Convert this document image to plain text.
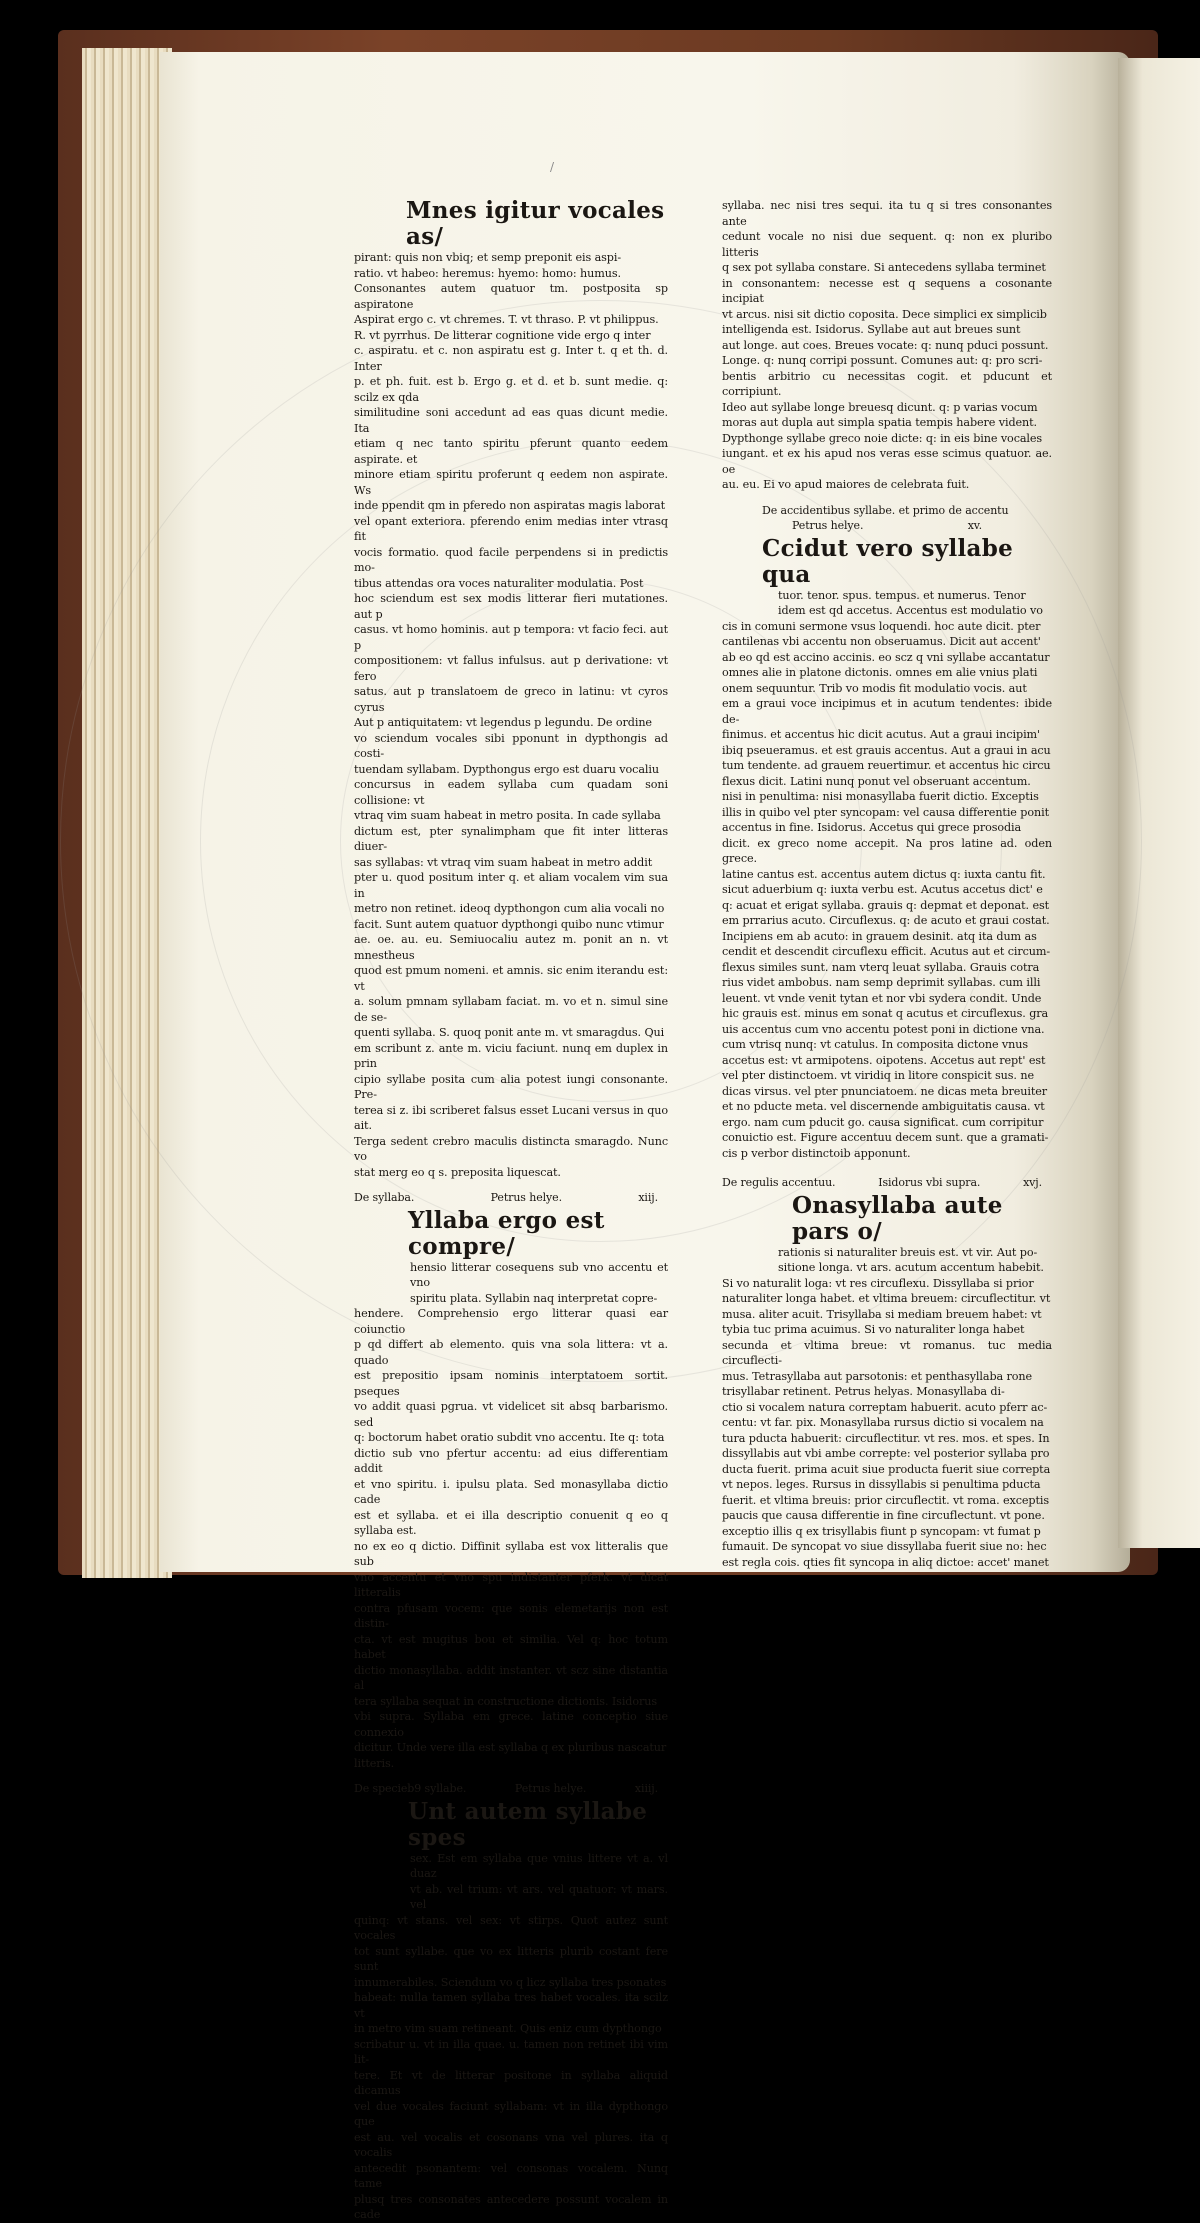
/
Mnes igitur vocales as/

pirant: quis non vbiq; et semp preponit eis aspi-

ratio. vt habeo: heremus: hyemo: homo: humus.

Consonantes autem quatuor tm. postposita sp aspiratone

Aspirat ergo c. vt chremes. T. vt thraso. P. vt philippus.

R. vt pyrrhus. De litterar cognitione vide ergo q inter

c. aspiratu. et c. non aspiratu est g. Inter t. q et th. d. Inter

p. et ph. fuit. est b. Ergo g. et d. et b. sunt medie. q: scilz ex qda

similitudine soni accedunt ad eas quas dicunt medie. Ita

etiam q nec tanto spiritu pferunt quanto eedem aspirate. et

minore etiam spiritu proferunt q eedem non aspirate. Ws

inde ppendit qm in pferedo non aspiratas magis laborat

vel opant exteriora. pferendo enim medias inter vtrasq fit

vocis formatio. quod facile perpendens si in predictis mo-

tibus attendas ora voces naturaliter modulatia. Post

hoc sciendum est sex modis litterar fieri mutationes. aut p

casus. vt homo hominis. aut p tempora: vt facio feci. aut p

compositionem: vt fallus infulsus. aut p derivatione: vt fero

satus. aut p translatoem de greco in latinu: vt cyros cyrus

Aut p antiquitatem: vt legendus p legundu. De ordine

vo sciendum vocales sibi pponunt in dypthongis ad costi-

tuendam syllabam. Dypthongus ergo est duaru vocaliu

concursus in eadem syllaba cum quadam soni collisione: vt

vtraq vim suam habeat in metro posita. In cade syllaba

dictum est, pter synalimpham que fit inter litteras diuer-

sas syllabas: vt vtraq vim suam habeat in metro addit

pter u. quod positum inter q. et aliam vocalem vim sua in

metro non retinet. ideoq dypthongon cum alia vocali no

facit. Sunt autem quatuor dypthongi quibo nunc vtimur

ae. oe. au. eu. Semiuocaliu autez m. ponit an n. vt mnestheus

quod est pmum nomeni. et amnis. sic enim iterandu est: vt

a. solum pmnam syllabam faciat. m. vo et n. simul sine de se-

quenti syllaba. S. quoq ponit ante m. vt smaragdus. Qui

em scribunt z. ante m. viciu faciunt. nunq em duplex in prin

cipio syllabe posita cum alia potest iungi consonante. Pre-

terea si z. ibi scriberet falsus esset Lucani versus in quo ait.

Terga sedent crebro maculis distincta smaragdo. Nunc vo

stat merg eo q s. preposita liquescat.

De syllaba.	Petrus helye.	xiij.
Yllaba ergo est compre/

hensio litterar cosequens sub vno accentu et vno

spiritu plata. Syllabin naq interpretat copre-

hendere. Comprehensio ergo litterar quasi ear coiunctio

p qd differt ab elemento. quis vna sola littera: vt a. quado

est prepositio ipsam nominis interptatoem sortit. pseques

vo addit quasi pgrua. vt videlicet sit absq barbarismo. sed

q: boctorum habet oratio subdit vno accentu. Ite q: tota

dictio sub vno pfertur accentu: ad eius differentiam addit

et vno spiritu. i. ipulsu plata. Sed monasyllaba dictio cade

est et syllaba. et ei illa descriptio conuenit q eo q syllaba est.

no ex eo q dictio. Diffinit syllaba est vox litteralis que sub

vno accentu et vno spu indistanter pferk. vt dicat litteralis

contra pfusam vocem: que sonis elemetarijs non est distin-

cta. vt est mugitus bou et similia. Vel q: hoc totum habet

dictio monasyllaba. addit instanter. vt scz sine distantia al

tera syllaba sequat in constructione dictionis. Isidorus

vbi supra. Syllaba em grece. latine conceptio siue connexio

dicitur. Unde vere illa est syllaba q ex pluribus nascatur

litteris.

De specieb9 syllabe.	Petrus helye.	xiiij.
Unt autem syllabe spes

sex. Est em syllaba que vnius littere vt a. vl duaz

vt ab. vel trium: vt ars. vel quatuor: vt mars. vel

quinq: vt stans. vel sex: vt stirps. Quot autez sunt vocales

tot sunt syllabe. que vo ex litteris plurib costant fere sunt

innumerabiles. Sciendum vo q licz syllaba tres psonates

habeat: nulla tamen syllaba tres habet vocales. ita scilz vt

in metro vim suam retineant. Quis eniz cum dypthongo

scribatur u. vt in illa quae. u. tamen non retinet ibi vim lit-

tere. Et vt de litterar positone in syllaba aliquid dicamus

vel due vocales faciunt syllabam: vt in illa dypthongo que

est au. vel vocalis et cosonans vna vel plures. ita q vocalis

antecedit psonantem: vel consonas vocalem. Nunq tame

plusq tres consonates antecedere possunt vocalem in cade

syllaba. nec nisi tres sequi. ita tu q si tres consonantes ante

cedunt vocale no nisi due sequent. q: non ex pluribo litteris

q sex pot syllaba constare. Si antecedens syllaba terminet

in consonantem: necesse est q sequens a cosonante incipiat

vt arcus. nisi sit dictio coposita. Dece simplici ex simplicib

intelligenda est. Isidorus. Syllabe aut aut breues sunt

aut longe. aut coes. Breues vocate: q: nunq pduci possunt.

Longe. q: nunq corripi possunt. Comunes aut: q: pro scri-

bentis arbitrio cu necessitas cogit. et pducunt et corripiunt.

Ideo aut syllabe longe breuesq dicunt. q: p varias vocum

moras aut dupla aut simpla spatia tempis habere vident.

Dypthonge syllabe greco noie dicte: q: in eis bine vocales

iungant. et ex his apud nos veras esse scimus quatuor. ae. oe

au. eu. Ei vo apud maiores de celebrata fuit.

De accidentibus syllabe. et primo de accentu
Petrus helye.	xv.
Ccidut vero syllabe qua

tuor. tenor. spus. tempus. et numerus. Tenor

idem est qd accetus. Accentus est modulatio vo

cis in comuni sermone vsus loquendi. hoc aute dicit. pter

cantilenas vbi accentu non obseruamus. Dicit aut accent'

ab eo qd est accino accinis. eo scz q vni syllabe accantatur

omnes alie in platone dictonis. omnes em alie vnius plati

onem sequuntur. Trib vo modis fit modulatio vocis. aut

em a graui voce incipimus et in acutum tendentes: ibide de-

finimus. et accentus hic dicit acutus. Aut a graui incipim'

ibiq pseueramus. et est grauis accentus. Aut a graui in acu

tum tendente. ad grauem reuertimur. et accentus hic circu

flexus dicit. Latini nunq ponut vel obseruant accentum.

nisi in penultima: nisi monasyllaba fuerit dictio. Exceptis

illis in quibo vel pter syncopam: vel causa differentie ponit

accentus in fine. Isidorus. Accetus qui grece prosodia

dicit. ex greco nome accepit. Na pros latine ad. oden grece.

latine cantus est. accentus autem dictus q: iuxta cantu fit.

sicut aduerbium q: iuxta verbu est. Acutus accetus dict' e

q: acuat et erigat syllaba. grauis q: depmat et deponat. est

em prrarius acuto. Circuflexus. q: de acuto et graui costat.

Incipiens em ab acuto: in grauem desinit. atq ita dum as

cendit et descendit circuflexu efficit. Acutus aut et circum-

flexus similes sunt. nam vterq leuat syllaba. Grauis cotra

rius videt ambobus. nam semp deprimit syllabas. cum illi

leuent. vt vnde venit tytan et nor vbi sydera condit. Unde

hic grauis est. minus em sonat q acutus et circuflexus. gra

uis accentus cum vno accentu potest poni in dictione vna.

cum vtrisq nunq: vt catulus. In composita dictone vnus

accetus est: vt armipotens. oipotens. Accetus aut rept' est

vel pter distinctoem. vt viridiq in litore conspicit sus. ne

dicas virsus. vel pter pnunciatoem. ne dicas meta breuiter

et no pducte meta. vel discernende ambiguitatis causa. vt

ergo. nam cum pducit go. causa significat. cum corripitur

conuictio est. Figure accentuu decem sunt. que a gramati-

cis p verbor distinctoib apponunt.

De regulis accentuu.	Isidorus vbi supra.	xvj.
Onasyllaba aute pars o/

rationis si naturaliter breuis est. vt vir. Aut po-

sitione longa. vt ars. acutum accentum habebit.

Si vo naturalit loga: vt res circuflexu. Dissyllaba si prior

naturaliter longa habet. et vltima breuem: circuflectitur. vt

musa. aliter acuit. Trisyllaba si mediam breuem habet: vt

tybia tuc prima acuimus. Si vo naturaliter longa habet

secunda et vltima breue: vt romanus. tuc media circuflecti-

mus. Tetrasyllaba aut parsotonis: et penthasyllaba rone

trisyllabar retinent. Petrus helyas. Monasyllaba di-

ctio si vocalem natura correptam habuerit. acuto pferr ac-

centu: vt far. pix. Monasyllaba rursus dictio si vocalem na

tura pducta habuerit: circuflectitur. vt res. mos. et spes. In

dissyllabis aut vbi ambe correpte: vel posterior syllaba pro

ducta fuerit. prima acuit siue producta fuerit siue correpta

vt nepos. leges. Rursus in dissyllabis si penultima pducta

fuerit. et vltima breuis: prior circuflectit. vt roma. exceptis

paucis que causa differentie in fine circuflectunt. vt pone.

exceptio illis q ex trisyllabis fiunt p syncopam: vt fumat p

fumauit. De syncopat vo siue dissyllaba fuerit siue no: hec

est regla cois. qties fit syncopa in aliq dictoe: accet' manet
